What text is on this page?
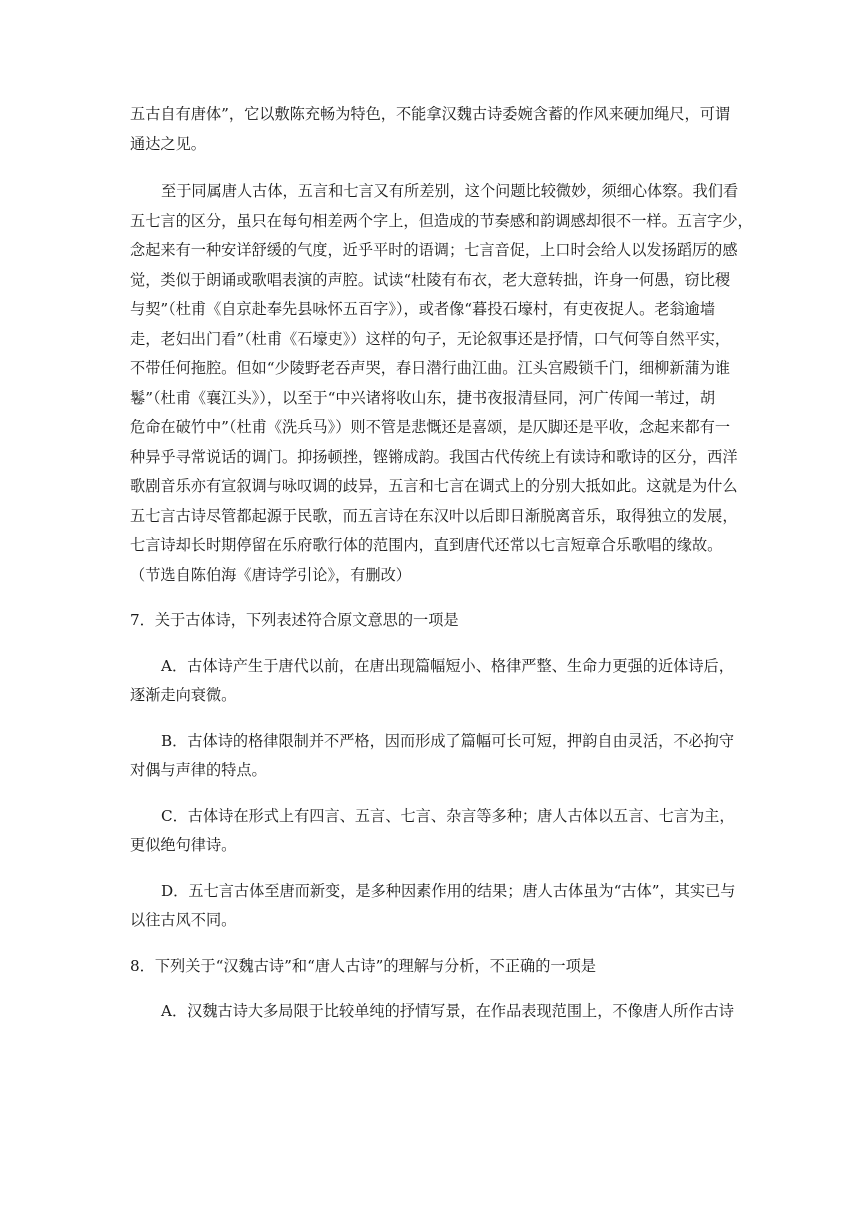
五古自有唐体”，它以敷陈充畅为特色，不能拿汉魏古诗委婉含蓄的作风来硬加绳尺，可谓
通达之见。
至于同属唐人古体，五言和七言又有所差别，这个问题比较微妙，须细心体察。我们看
五七言的区分，虽只在每句相差两个字上，但造成的节奏感和韵调感却很不一样。五言字少，
念起来有一种安详舒缓的气度，近乎平时的语调；七言音促，上口时会给人以发扬蹈厉的感
觉，类似于朗诵或歌唱表演的声腔。试读“杜陵有布衣，老大意转拙，许身一何愚，窃比稷
与契”（杜甫《自京赴奉先县咏怀五百字》），或者像“暮投石壕村，有吏夜捉人。老翁逾墙
走，老妇出门看”（杜甫《石壕吏》）这样的句子，无论叙事还是抒情，口气何等自然平实，
不带任何拖腔。但如“少陵野老吞声哭，春日潜行曲江曲。江头宫殿锁千门，细柳新蒲为谁
鬈”（杜甫《襄江头》），以至于“中兴诸将收山东，捷书夜报清昼同，河广传闻一苇过，胡
危命在破竹中”（杜甫《洗兵马》）则不管是悲慨还是喜颂，是仄脚还是平收，念起来都有一
种异乎寻常说话的调门。抑扬顿挫，铿锵成韵。我国古代传统上有读诗和歌诗的区分，西洋
歌剧音乐亦有宣叙调与咏叹调的歧异，五言和七言在调式上的分别大抵如此。这就是为什么
五七言古诗尽管都起源于民歌，而五言诗在东汉叶以后即日渐脱离音乐，取得独立的发展，
七言诗却长时期停留在乐府歌行体的范围内，直到唐代还常以七言短章合乐歌唱的缘故。
（节选自陈伯海《唐诗学引论》，有删改）
7．关于古体诗，下列表述符合原文意思的一项是
A．古体诗产生于唐代以前，在唐出现篇幅短小、格律严整、生命力更强的近体诗后，
逐渐走向衰微。
B．古体诗的格律限制并不严格，因而形成了篇幅可长可短，押韵自由灵活，不必拘守
对偶与声律的特点。
C．古体诗在形式上有四言、五言、七言、杂言等多种；唐人古体以五言、七言为主，
更似绝句律诗。
D．五七言古体至唐而新变，是多种因素作用的结果；唐人古体虽为“古体”，其实已与
以往古风不同。
8．下列关于“汉魏古诗”和“唐人古诗”的理解与分析，不正确的一项是
A．汉魏古诗大多局限于比较单纯的抒情写景，在作品表现范围上，不像唐人所作古诗
